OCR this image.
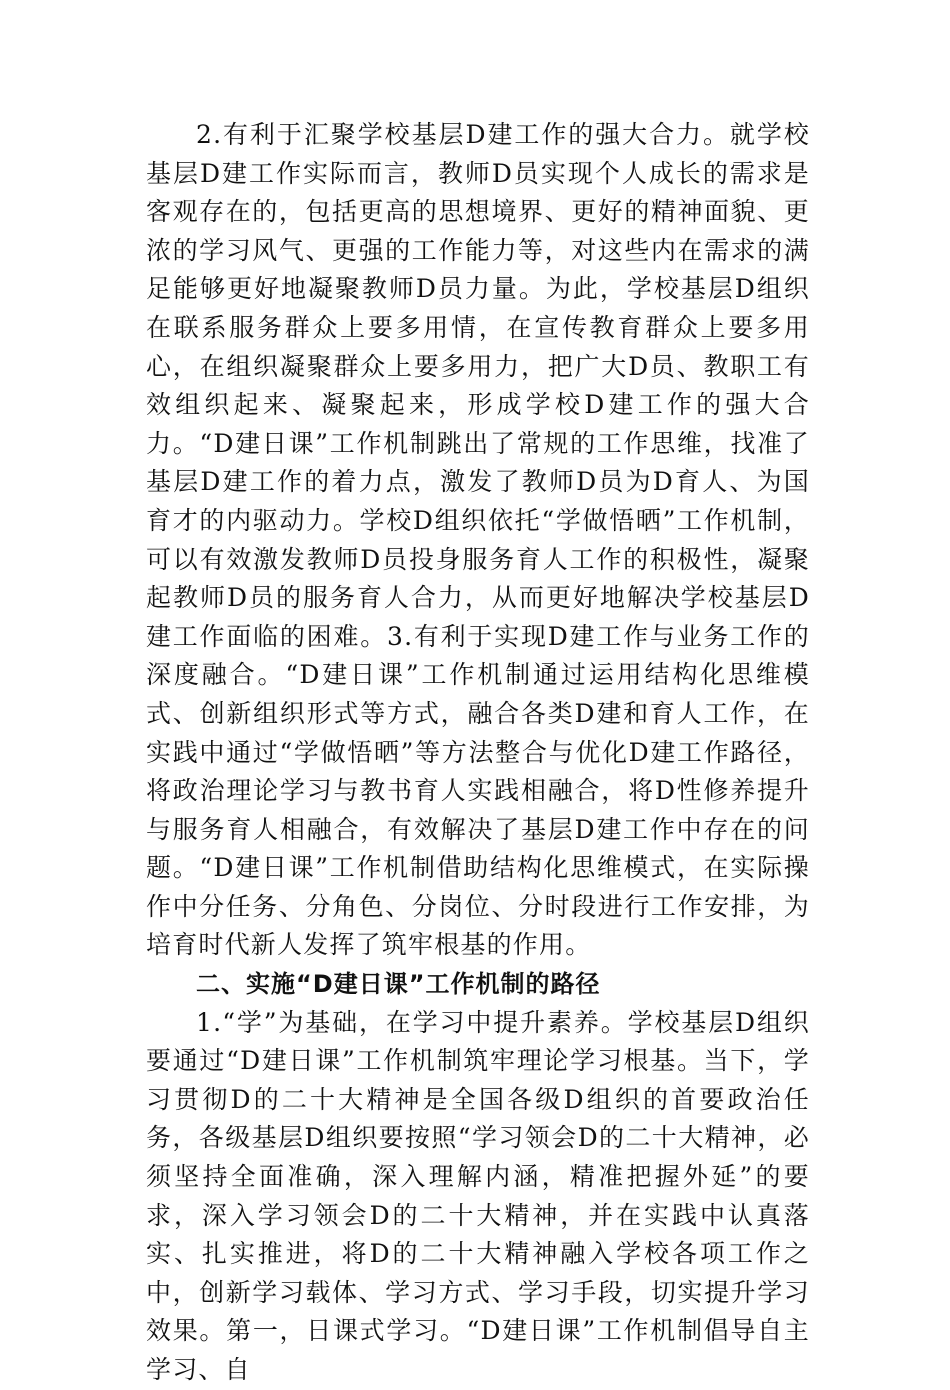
2.有利于汇聚学校基层D建工作的强大合力。就学校基层D建工作实际而言，教师D员实现个人成长的需求是客观存在的，包括更高的思想境界、更好的精神面貌、更浓的学习风气、更强的工作能力等，对这些内在需求的满足能够更好地凝聚教师D员力量。为此，学校基层D组织在联系服务群众上要多用情，在宣传教育群众上要多用心，在组织凝聚群众上要多用力，把广大D员、教职工有效组织起来、凝聚起来，形成学校D建工作的强大合力。“D建日课”工作机制跳出了常规的工作思维，找准了基层D建工作的着力点，激发了教师D员为D育人、为国育才的内驱动力。学校D组织依托“学做悟晒”工作机制，可以有效激发教师D员投身服务育人工作的积极性，凝聚起教师D员的服务育人合力，从而更好地解决学校基层D建工作面临的困难。3.有利于实现D建工作与业务工作的深度融合。“D建日课”工作机制通过运用结构化思维模式、创新组织形式等方式，融合各类D建和育人工作，在实践中通过“学做悟晒”等方法整合与优化D建工作路径，将政治理论学习与教书育人实践相融合，将D性修养提升与服务育人相融合，有效解决了基层D建工作中存在的问题。“D建日课”工作机制借助结构化思维模式，在实际操作中分任务、分角色、分岗位、分时段进行工作安排，为培育时代新人发挥了筑牢根基的作用。

二、实施“D建日课”工作机制的路径

1.“学”为基础，在学习中提升素养。学校基层D组织要通过“D建日课”工作机制筑牢理论学习根基。当下，学习贯彻D的二十大精神是全国各级D组织的首要政治任务，各级基层D组织要按照“学习领会D的二十大精神，必须坚持全面准确，深入理解内涵，精准把握外延”的要求，深入学习领会D的二十大精神，并在实践中认真落实、扎实推进，将D的二十大精神融入学校各项工作之中，创新学习载体、学习方式、学习手段，切实提升学习效果。第一，日课式学习。“D建日课”工作机制倡导自主学习、自
